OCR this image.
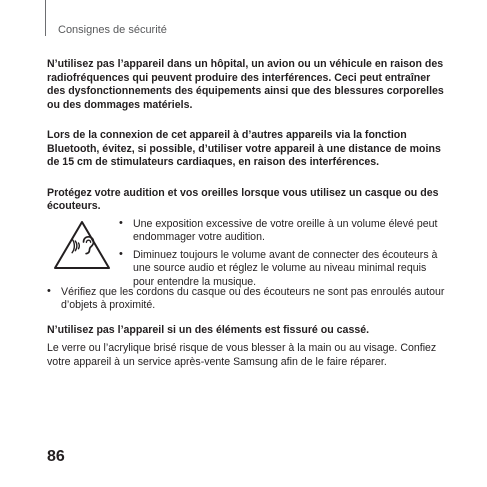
Consignes de sécurité

N’utilisez pas l’appareil dans un hôpital, un avion ou un véhicule en raison des radiofréquences qui peuvent produire des interférences. Ceci peut entraîner des dysfonctionnements des équipements ainsi que des blessures corporelles ou des dommages matériels.

Lors de la connexion de cet appareil à d’autres appareils via la fonction Bluetooth, évitez, si possible, d’utiliser votre appareil à une distance de moins de 15 cm de stimulateurs cardiaques, en raison des interférences.

Protégez votre audition et vos oreilles lorsque vous utilisez un casque ou des écouteurs.

• Une exposition excessive de votre oreille à un volume élevé peut endommager votre audition.
• Diminuez toujours le volume avant de connecter des écouteurs à une source audio et réglez le volume au niveau minimal requis pour entendre la musique.
• Vérifiez que les cordons du casque ou des écouteurs ne sont pas enroulés autour d’objets à proximité.

N’utilisez pas l’appareil si un des éléments est fissuré ou cassé.

Le verre ou l’acrylique brisé risque de vous blesser à la main ou au visage. Confiez votre appareil à un service après-vente Samsung afin de le faire réparer.

86
